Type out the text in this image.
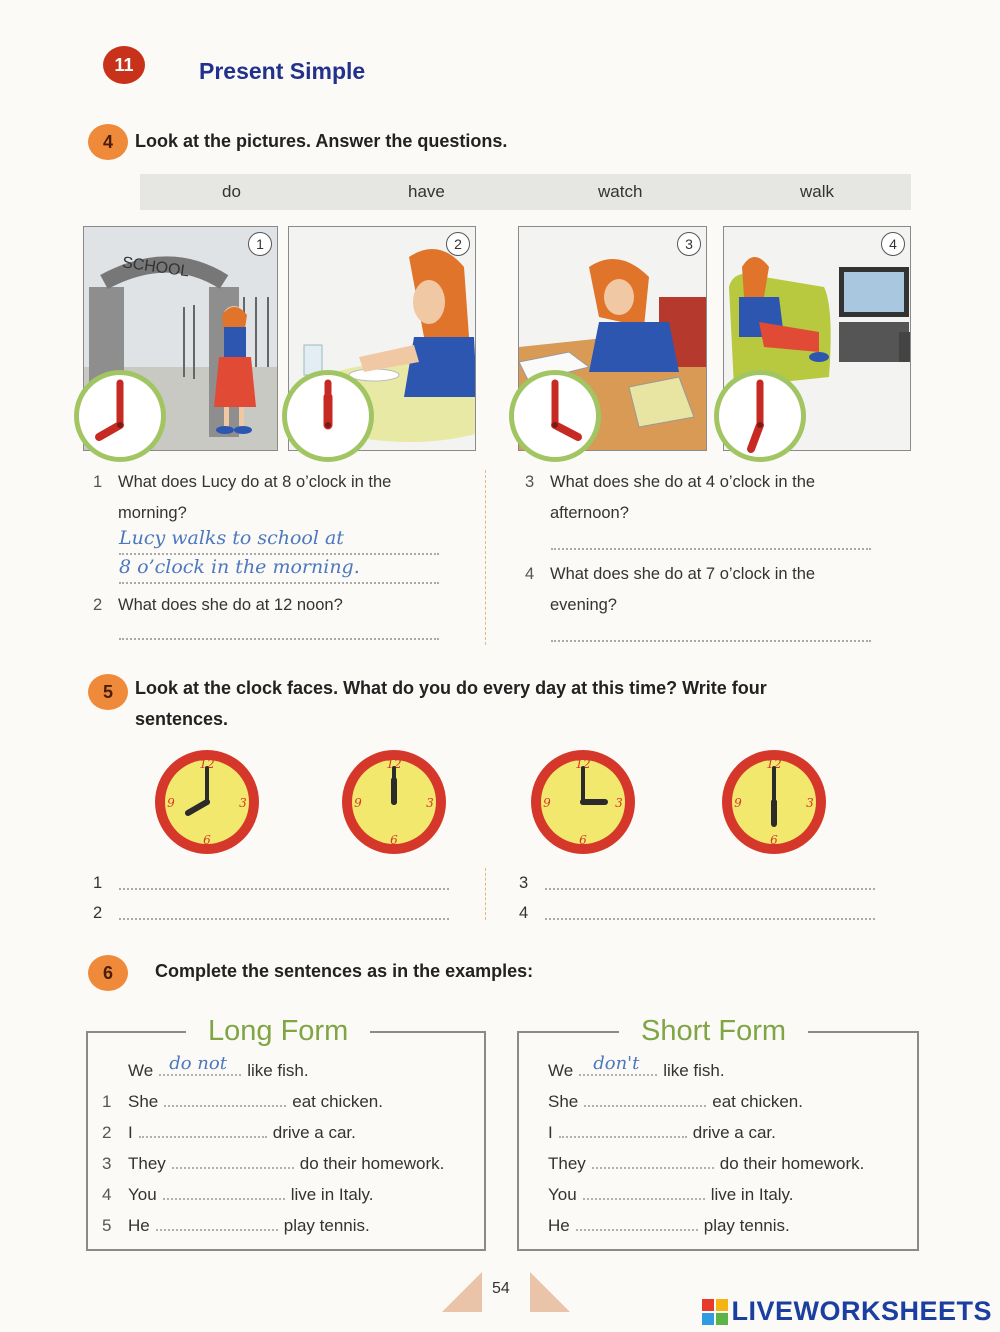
11	Present Simple
4	Look at the pictures. Answer the questions.
do	have	watch	walk
SCHOOL
1	2	3	4
1 What does Lucy do at 8 o’clock in the
morning?
Lucy walks to school at
8 o’clock in the morning.
2 What does she do at 12 noon?
3 What does she do at 4 o’clock in the
afternoon?
4 What does she do at 7 o’clock in the
evening?
5	Look at the clock faces. What do you do every day at this time? Write four
sentences.
12
3
6
9
12
3
6
9
12
3
6
9
12
3
6
9
1
2
3
4
6	Complete the sentences as in the examples:
Long Form
We do not like fish.
1 She	eat chicken.
2 I	drive a car.
3 They	do their homework.
4 You	live in Italy.
5 He	play tennis.
Short Form
We don't like fish.
She	eat chicken.
I	drive a car.
They	do their homework.
You	live in Italy.
He	play tennis.
54
LIVEWORKSHEETS
